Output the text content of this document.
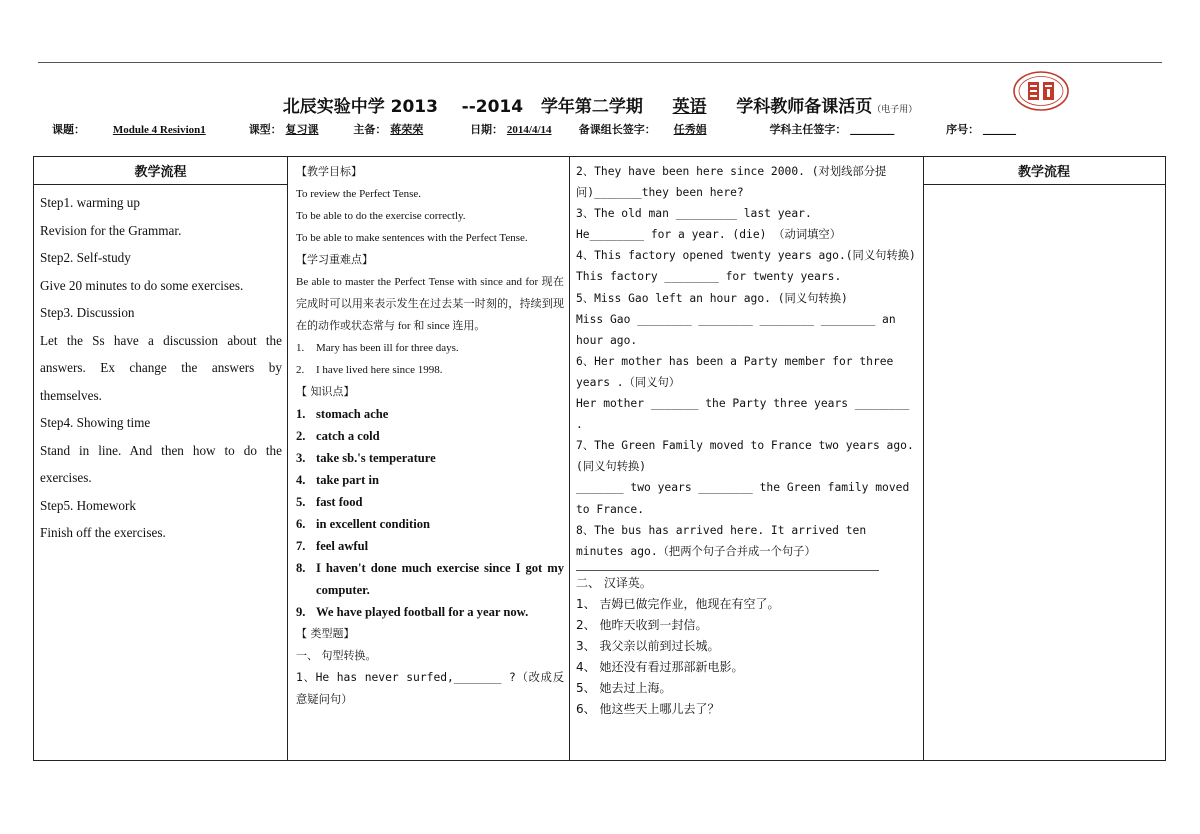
北辰实验中学 2013 --2014 学年第二学期 英语 学科教师备课活页（电子用）
课题：	Module 4 Resivion1	课型： 复习课	主备： 蒋荣荣	日期： 2014/4/14 备课组长签字： 任秀娟	学科主任签字： ________	序号： ______
教学流程	教学流程

Step1. warming up

Revision for the Grammar.

Step2. Self-study

Give 20 minutes to do some exercises.

Step3. Discussion

Let the Ss have a discussion about the answers. Ex change the answers by themselves.

Step4. Showing time

Stand in line. And then how to do the exercises.

Step5. Homework

Finish off the exercises.

【教学目标】

To review the Perfect Tense.

To be able to do the exercise correctly.

To be able to make sentences with the Perfect Tense.

【学习重难点】

Be able to master the Perfect Tense with since and for 现在完成时可以用来表示发生在过去某一时刻的，持续到现在的动作或状态常与 for 和 since 连用。

1. Mary has been ill for three days.

2. I have lived here since 1998.

【 知识点】

1. stomach ache

2. catch a cold

3. take sb.'s temperature

4. take part in

5. fast food

6. in excellent condition

7. feel awful

8. I haven't done much exercise since I got my computer.

9. We have played football for a year now.

【 类型题】

一、 句型转换。

1、He has never surfed,_______ ?（改成反意疑问句）

2、They have been here since 2000. (对划线部分提问)_______they been here?

3、The old man _________ last year.

He________ for a year. (die) （动词填空）

4、This factory opened twenty years ago.(同义句转换) This factory ________ for twenty years.

5、Miss Gao left an hour ago. (同义句转换)

Miss Gao ________ ________ ________ ________ an hour ago.

6、Her mother has been a Party member for three years .（同义句）

Her mother _______ the Party three years ________ .

7、The Green Family moved to France two years ago.(同义句转换)

_______ two years ________ the Green family moved to France.

8、The bus has arrived here. It arrived ten minutes ago.（把两个句子合并成一个句子）

二、 汉译英。

1、 吉姆已做完作业，他现在有空了。

2、 他昨天收到一封信。

3、 我父亲以前到过长城。

4、 她还没有看过那部新电影。

5、 她去过上海。

6、 他这些天上哪儿去了？
